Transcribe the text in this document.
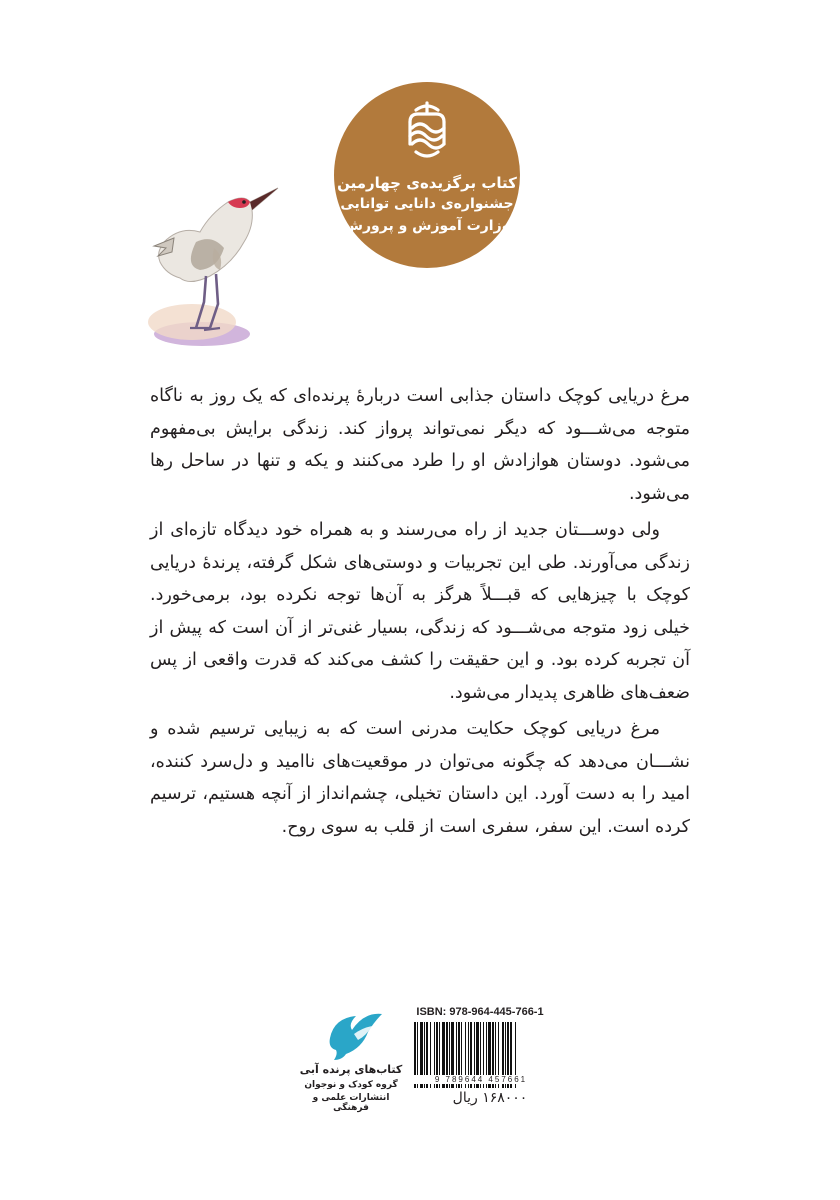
کتاب برگزیده‌ی چهارمین
جشنواره‌ی دانایی توانایی
وزارت آموزش و پرورش

مرغ دریایی کوچک داستان جذابی است دربارهٔ پرنده‌ای که یک روز به ناگاه متوجه می‌شـــود که دیگر نمی‌تواند پرواز کند. زندگی برایش بی‌مفهوم می‌شود. دوستان هوازادش او را طرد می‌کنند و یکه و تنها در ساحل رها می‌شود.

ولی دوســـتان جدید از راه می‌رسند و به همراه خود دیدگاه تازه‌ای از زندگی می‌آورند. طی این تجربیات و دوستی‌های شکل گرفته، پرندهٔ دریایی کوچک با چیزهایی که قبـــلاً هرگز به آن‌ها توجه نکرده بود، برمی‌خورد. خیلی زود متوجه می‌شـــود که زندگی، بسیار غنی‌تر از آن است که پیش از آن تجربه کرده بود. و این حقیقت را کشف می‌کند که قدرت واقعی از پس ضعف‌های ظاهری پدیدار می‌شود.

مرغ دریایی کوچک حکایت مدرنی است که به زیبایی ترسیم شده و نشـــان می‌دهد که چگونه می‌توان در موقعیت‌های ناامید و دل‌سرد کننده، امید را به دست آورد. این داستان تخیلی، چشم‌انداز از آنچه هستیم، ترسیم کرده است. این سفر، سفری است از قلب به سوی روح.

کتاب‌های پرنده آبی
گروه کودک و نوجوان
انتشارات علمی و فرهنگی
ISBN: 978-964-445-766-1
9 789644 457661
۱۶۸۰۰۰ ریال
